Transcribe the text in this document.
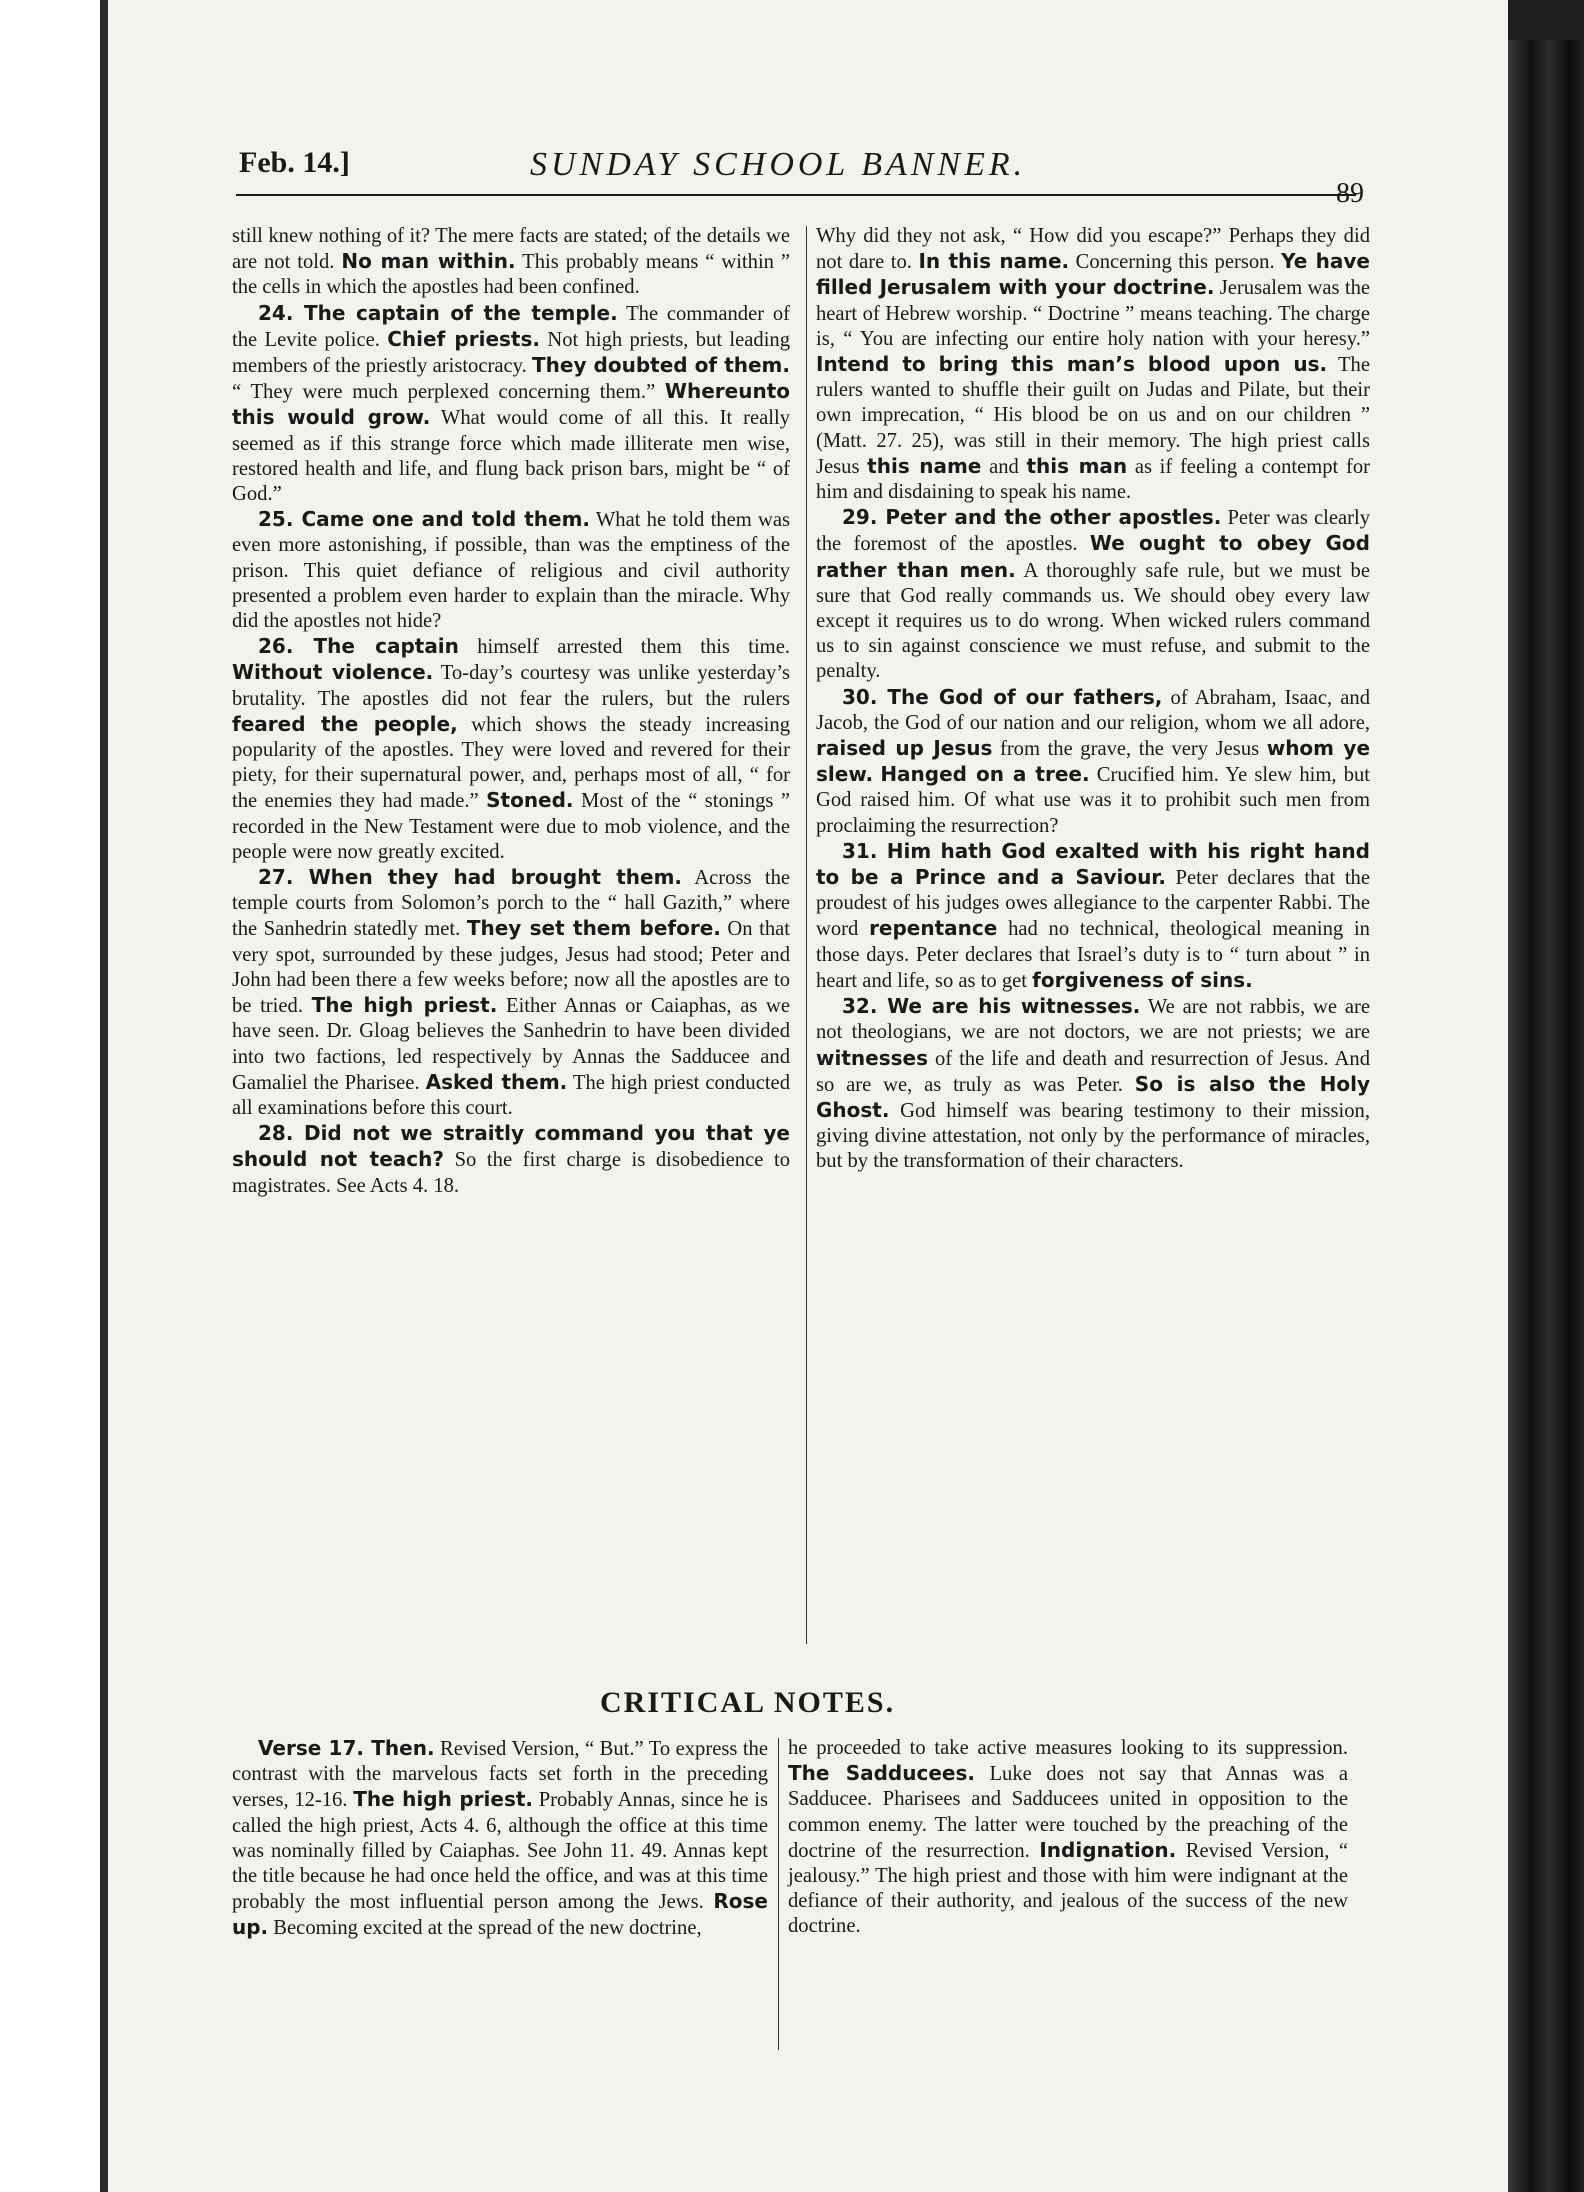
Feb. 14.]	SUNDAY SCHOOL BANNER.
89

still knew nothing of it? The mere facts are stated; of the details we are not told. No man within. This probably means “ within ” the cells in which the apostles had been confined.

24. The captain of the temple. The commander of the Levite police. Chief priests. Not high priests, but leading members of the priestly aristocracy. They doubted of them. “ They were much perplexed concerning them.” Whereunto this would grow. What would come of all this. It really seemed as if this strange force which made illiterate men wise, restored health and life, and flung back prison bars, might be “ of God.”

25. Came one and told them. What he told them was even more astonishing, if possible, than was the emptiness of the prison. This quiet defiance of religious and civil authority presented a problem even harder to explain than the miracle. Why did the apostles not hide?

26. The captain himself arrested them this time. Without violence. To-day’s courtesy was unlike yesterday’s brutality. The apostles did not fear the rulers, but the rulers feared the people, which shows the steady increasing popularity of the apostles. They were loved and revered for their piety, for their supernatural power, and, perhaps most of all, “ for the enemies they had made.” Stoned. Most of the “ stonings ” recorded in the New Testament were due to mob violence, and the people were now greatly excited.

27. When they had brought them. Across the temple courts from Solomon’s porch to the “ hall Gazith,” where the Sanhedrin statedly met. They set them before. On that very spot, surrounded by these judges, Jesus had stood; Peter and John had been there a few weeks before; now all the apostles are to be tried. The high priest. Either Annas or Caiaphas, as we have seen. Dr. Gloag believes the Sanhedrin to have been divided into two factions, led respectively by Annas the Sadducee and Gamaliel the Pharisee. Asked them. The high priest conducted all examinations before this court.

28. Did not we straitly command you that ye should not teach? So the first charge is disobedience to magistrates. See Acts 4. 18.

Why did they not ask, “ How did you escape?” Perhaps they did not dare to. In this name. Concerning this person. Ye have filled Jerusalem with your doctrine. Jerusalem was the heart of Hebrew worship. “ Doctrine ” means teaching. The charge is, “ You are infecting our entire holy nation with your heresy.” Intend to bring this man’s blood upon us. The rulers wanted to shuffle their guilt on Judas and Pilate, but their own imprecation, “ His blood be on us and on our children ” (Matt. 27. 25), was still in their memory. The high priest calls Jesus this name and this man as if feeling a contempt for him and disdaining to speak his name.

29. Peter and the other apostles. Peter was clearly the foremost of the apostles. We ought to obey God rather than men. A thoroughly safe rule, but we must be sure that God really commands us. We should obey every law except it requires us to do wrong. When wicked rulers command us to sin against conscience we must refuse, and submit to the penalty.

30. The God of our fathers, of Abraham, Isaac, and Jacob, the God of our nation and our religion, whom we all adore, raised up Jesus from the grave, the very Jesus whom ye slew. Hanged on a tree. Crucified him. Ye slew him, but God raised him. Of what use was it to prohibit such men from proclaiming the resurrection?

31. Him hath God exalted with his right hand to be a Prince and a Saviour. Peter declares that the proudest of his judges owes allegiance to the carpenter Rabbi. The word repentance had no technical, theological meaning in those days. Peter declares that Israel’s duty is to “ turn about ” in heart and life, so as to get forgiveness of sins.

32. We are his witnesses. We are not rabbis, we are not theologians, we are not doctors, we are not priests; we are witnesses of the life and death and resurrection of Jesus. And so are we, as truly as was Peter. So is also the Holy Ghost. God himself was bearing testimony to their mission, giving divine attestation, not only by the performance of miracles, but by the transformation of their characters.

CRITICAL NOTES.

Verse 17. Then. Revised Version, “ But.” To express the contrast with the marvelous facts set forth in the preceding verses, 12-16. The high priest. Probably Annas, since he is called the high priest, Acts 4. 6, although the office at this time was nominally filled by Caiaphas. See John 11. 49. Annas kept the title because he had once held the office, and was at this time probably the most influential person among the Jews. Rose up. Becoming excited at the spread of the new doctrine,

he proceeded to take active measures looking to its suppression. The Sadducees. Luke does not say that Annas was a Sadducee. Pharisees and Sadducees united in opposition to the common enemy. The latter were touched by the preaching of the doctrine of the resurrection. Indignation. Revised Version, “ jealousy.” The high priest and those with him were indignant at the defiance of their authority, and jealous of the success of the new doctrine.
